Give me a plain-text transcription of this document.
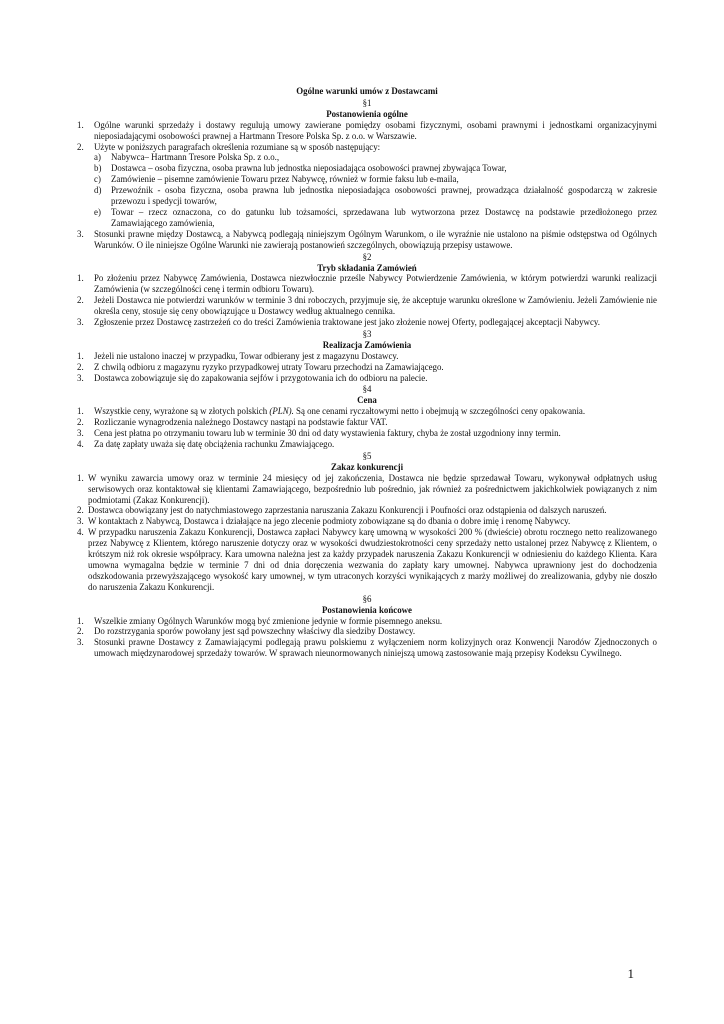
Ogólne warunki umów z Dostawcami
§1
Postanowienia ogólne
1.	Ogólne warunki sprzedaży i dostawy regulują umowy zawierane pomiędzy osobami fizycznymi, osobami prawnymi i jednostkami organizacyjnymi nieposiadającymi osobowości prawnej a Hartmann Tresore Polska Sp. z o.o. w Warszawie.
2.	Użyte w poniższych paragrafach określenia rozumiane są w sposób następujący:
a) Nabywca– Hartmann Tresore Polska Sp. z o.o.,
b) Dostawca – osoba fizyczna, osoba prawna lub jednostka nieposiadająca osobowości prawnej zbywająca Towar,
c) Zamówienie – pisemne zamówienie Towaru przez Nabywcę, również w formie faksu lub e-maila,
d) Przewoźnik - osoba fizyczna, osoba prawna lub jednostka nieposiadająca osobowości prawnej, prowadząca działalność gospodarczą w zakresie przewozu i spedycji towarów,
e) Towar – rzecz oznaczona, co do gatunku lub tożsamości, sprzedawana lub wytworzona przez Dostawcę na podstawie przedłożonego przez Zamawiającego zamówienia,
3.	Stosunki prawne między Dostawcą, a Nabywcą podlegają niniejszym Ogólnym Warunkom, o ile wyraźnie nie ustalono na piśmie odstępstwa od Ogólnych Warunków. O ile niniejsze Ogólne Warunki nie zawierają postanowień szczególnych, obowiązują przepisy ustawowe.
§2
Tryb składania Zamówień
1.	Po złożeniu przez Nabywcę Zamówienia, Dostawca niezwłocznie prześle Nabywcy Potwierdzenie Zamówienia, w którym potwierdzi warunki realizacji Zamówienia (w szczególności cenę i termin odbioru Towaru).
2.	Jeżeli Dostawca nie potwierdzi warunków w terminie 3 dni roboczych, przyjmuje się, że akceptuje warunku określone w Zamówieniu. Jeżeli Zamówienie nie określa ceny, stosuje się ceny obowiązujące u Dostawcy według aktualnego cennika.
3.	Zgłoszenie przez Dostawcę zastrzeżeń co do treści Zamówienia traktowane jest jako złożenie nowej Oferty, podlegającej akceptacji Nabywcy.
§3
Realizacja Zamówienia
1.	Jeżeli nie ustalono inaczej w przypadku, Towar odbierany jest z magazynu Dostawcy.
2.	Z chwilą odbioru z magazynu ryzyko przypadkowej utraty Towaru przechodzi na Zamawiającego.
3.	Dostawca zobowiązuje się do zapakowania sejfów i przygotowania ich do odbioru na palecie.
§4
Cena
1.	Wszystkie ceny, wyrażone są w złotych polskich (PLN). Są one cenami ryczałtowymi netto i obejmują w szczególności ceny opakowania.
2.	Rozliczanie wynagrodzenia należnego Dostawcy nastąpi na podstawie faktur VAT.
3.	Cena jest płatna po otrzymaniu towaru lub w terminie 30 dni od daty wystawienia faktury, chyba że został uzgodniony inny termin.
4.	Za datę zapłaty uważa się datę obciążenia rachunku Zmawiającego.
§5
Zakaz konkurencji
1. W wyniku zawarcia umowy oraz w terminie 24 miesięcy od jej zakończenia, Dostawca nie będzie sprzedawał Towaru, wykonywał odpłatnych usług serwisowych oraz kontaktował się klientami Zamawiającego, bezpośrednio lub pośrednio, jak również za pośrednictwem jakichkolwiek powiązanych z nim podmiotami (Zakaz Konkurencji).
2. Dostawca obowiązany jest do natychmiastowego zaprzestania naruszania Zakazu Konkurencji i Poufności oraz odstąpienia od dalszych naruszeń.
3. W kontaktach z Nabywcą, Dostawca i działające na jego zlecenie podmioty zobowiązane są do dbania o dobre imię i renomę Nabywcy.
4. W przypadku naruszenia Zakazu Konkurencji, Dostawca zapłaci Nabywcy karę umowną w wysokości 200 % (dwieście) obrotu rocznego netto realizowanego przez Nabywcę z Klientem, którego naruszenie dotyczy oraz w wysokości dwudziestokrotności ceny sprzedaży netto ustalonej przez Nabywcę z Klientem, o krótszym niż rok okresie współpracy. Kara umowna należna jest za każdy przypadek naruszenia Zakazu Konkurencji w odniesieniu do każdego Klienta. Kara umowna wymagalna będzie w terminie 7 dni od dnia doręczenia wezwania do zapłaty kary umownej. Nabywca uprawniony jest do dochodzenia odszkodowania przewyższającego wysokość kary umownej, w tym utraconych korzyści wynikających z marży możliwej do zrealizowania, gdyby nie doszło do naruszenia Zakazu Konkurencji.
§6
Postanowienia końcowe
1.	Wszelkie zmiany Ogólnych Warunków mogą być zmienione jedynie w formie pisemnego aneksu.
2.	Do rozstrzygania sporów powołany jest sąd powszechny właściwy dla siedziby Dostawcy.
3.	Stosunki prawne Dostawcy z Zamawiającymi podlegają prawu polskiemu z wyłączeniem norm kolizyjnych oraz Konwencji Narodów Zjednoczonych o umowach międzynarodowej sprzedaży towarów. W sprawach nieunormowanych niniejszą umową zastosowanie mają przepisy Kodeksu Cywilnego.
1
